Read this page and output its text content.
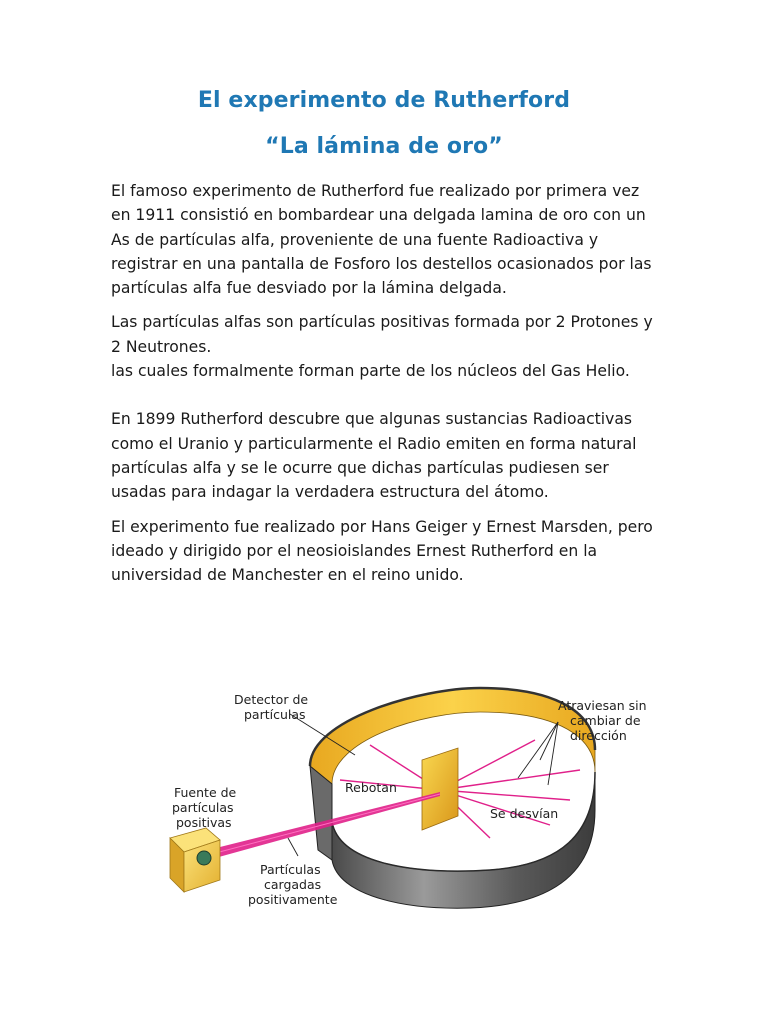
El experimento de Rutherford
“La lámina de oro”

El famoso experimento de Rutherford fue realizado por primera vez
en 1911 consistió en bombardear una delgada lamina de oro con un
As de partículas alfa, proveniente de una fuente Radioactiva y
registrar en una pantalla de Fosforo los destellos ocasionados por las
partículas alfa fue desviado por la lámina delgada.

Las partículas alfas son partículas positivas formada por 2 Protones y
2 Neutrones.
las cuales formalmente forman parte de los núcleos del Gas Helio.

En 1899 Rutherford descubre que algunas sustancias Radioactivas
como el Uranio y particularmente el Radio emiten en forma natural
partículas alfa y se le ocurre que dichas partículas pudiesen ser
usadas para indagar la verdadera estructura del átomo.

El experimento fue realizado por Hans Geiger y Ernest Marsden, pero
ideado y dirigido por el neosioislandes Ernest Rutherford en la
universidad de Manchester en el reino unido.

Detector de
partículas
Atraviesan sin
cambiar de
dirección
Fuente de
partículas
positivas
Rebotan
Se desvían
Partículas
cargadas
positivamente
